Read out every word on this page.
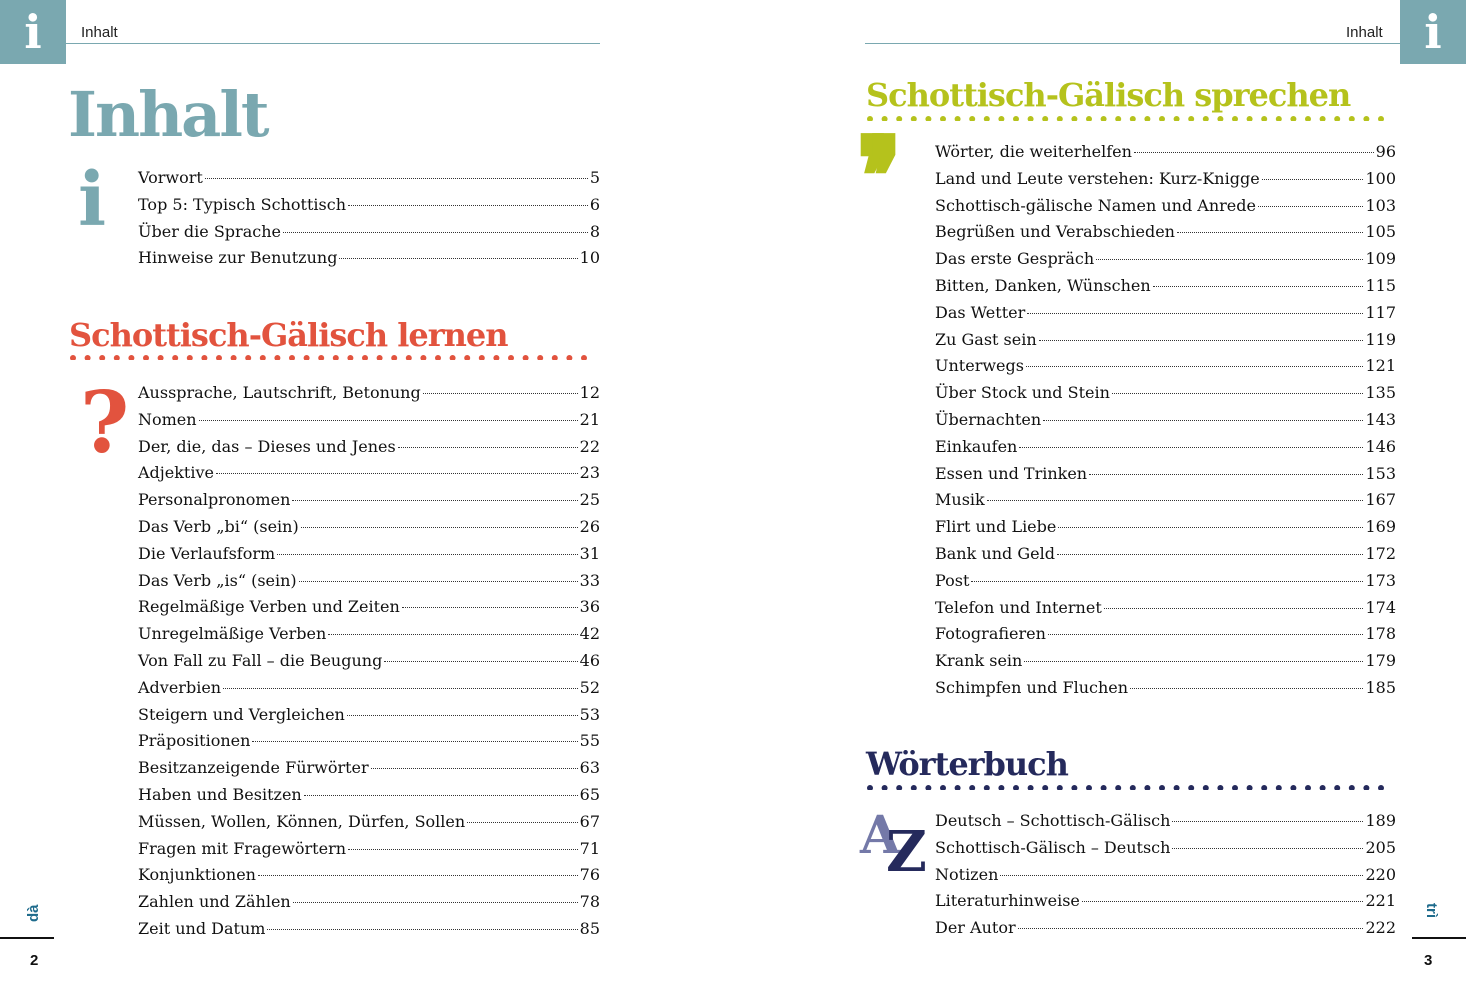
i	Inhalt
Inhalt
i Vorwort	5
Top 5: Typisch Schottisch	6
Über die Sprache	8
Hinweise zur Benutzung	10
Schottisch-Gälisch lernen
? Aussprache, Lautschrift, Betonung	12
Nomen	21
Der, die, das – Dieses und Jenes	22
Adjektive	23
Personalpronomen	25
Das Verb „bi“ (sein)	26
Die Verlaufsform	31
Das Verb „is“ (sein)	33
Regelmäßige Verben und Zeiten	36
Unregelmäßige Verben	42
Von Fall zu Fall – die Beugung	46
Adverbien	52
Steigern und Vergleichen	53
Präpositionen	55
Besitzanzeigende Fürwörter	63
Haben und Besitzen	65
Müssen, Wollen, Können, Dürfen, Sollen	67
Fragen mit Fragewörtern	71
Konjunktionen	76
Zahlen und Zählen	78
Zeit und Datum	85
dà
2
i
Inhalt
Schottisch-Gälisch sprechen
❜❜	Wörter, die weiterhelfen	96
Land und Leute verstehen: Kurz-Knigge	100
Schottisch-gälische Namen und Anrede	103
Begrüßen und Verabschieden	105
Das erste Gespräch	109
Bitten, Danken, Wünschen	115
Das Wetter	117
Zu Gast sein	119
Unterwegs	121
Über Stock und Stein	135
Übernachten	143
Einkaufen	146
Essen und Trinken	153
Musik	167
Flirt und Liebe	169
Bank und Geld	172
Post	173
Telefon und Internet	174
Fotografieren	178
Krank sein	179
Schimpfen und Fluchen	185
Wörterbuch
A
Z Deutsch – Schottisch-Gälisch	189
Schottisch-Gälisch – Deutsch	205
Notizen	220
Literaturhinweise	221
Der Autor	222
trì
3
